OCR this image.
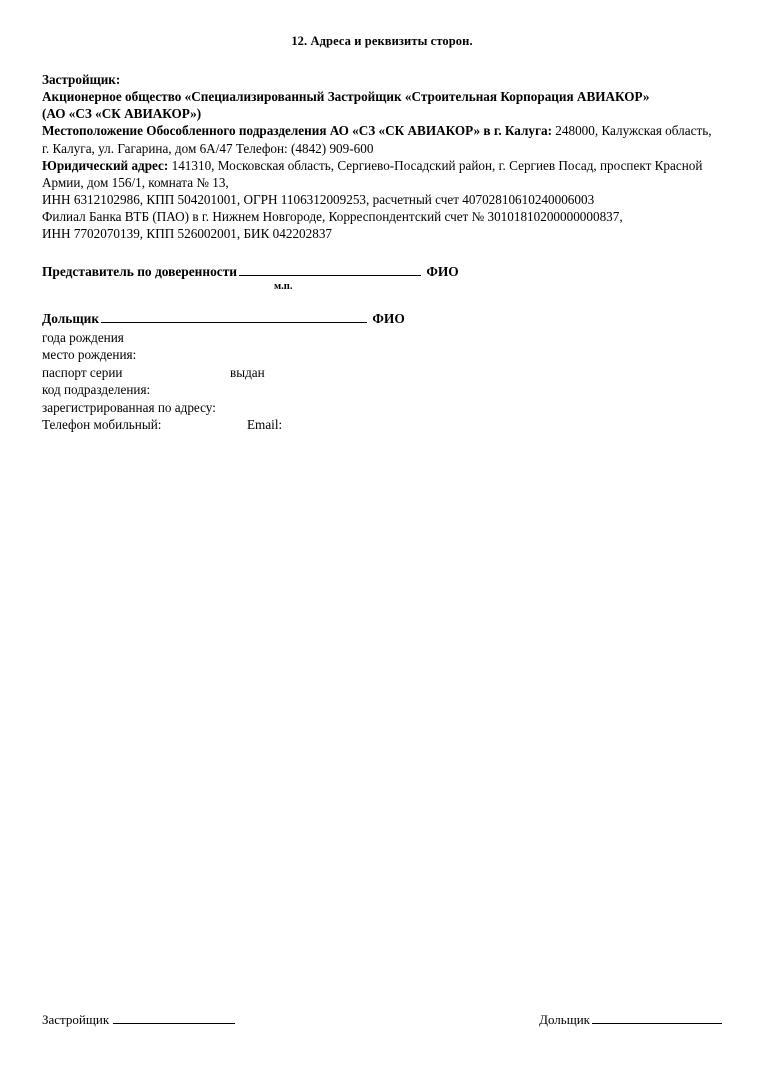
12. Адреса и реквизиты сторон.
Застройщик:
Акционерное общество «Специализированный Застройщик «Строительная Корпорация АВИАКОР»
(АО «СЗ «СК АВИАКОР»)
Местоположение Обособленного подразделения АО «СЗ «СК АВИАКОР» в г. Калуга: 248000, Калужская область,
г. Калуга, ул. Гагарина, дом 6А/47 Телефон: (4842) 909-600
Юридический адрес: 141310, Московская область, Сергиево-Посадский район, г. Сергиев Посад, проспект Красной
Армии, дом 156/1, комната № 13,
ИНН 6312102986, КПП 504201001, ОГРН 1106312009253, расчетный счет 40702810610240006003
Филиал Банка ВТБ (ПАО) в г. Нижнем Новгороде, Корреспондентский счет № 30101810200000000837,
ИНН 7702070139, КПП 526002001, БИК 042202837
Представитель по доверенности	ФИО
м.п.
Дольщик	ФИО
года рождения
место рождения:
паспорт серии	выдан
код подразделения:
зарегистрированная по адресу:
Телефон мобильный:	Email:
Застройщик	Дольщик
